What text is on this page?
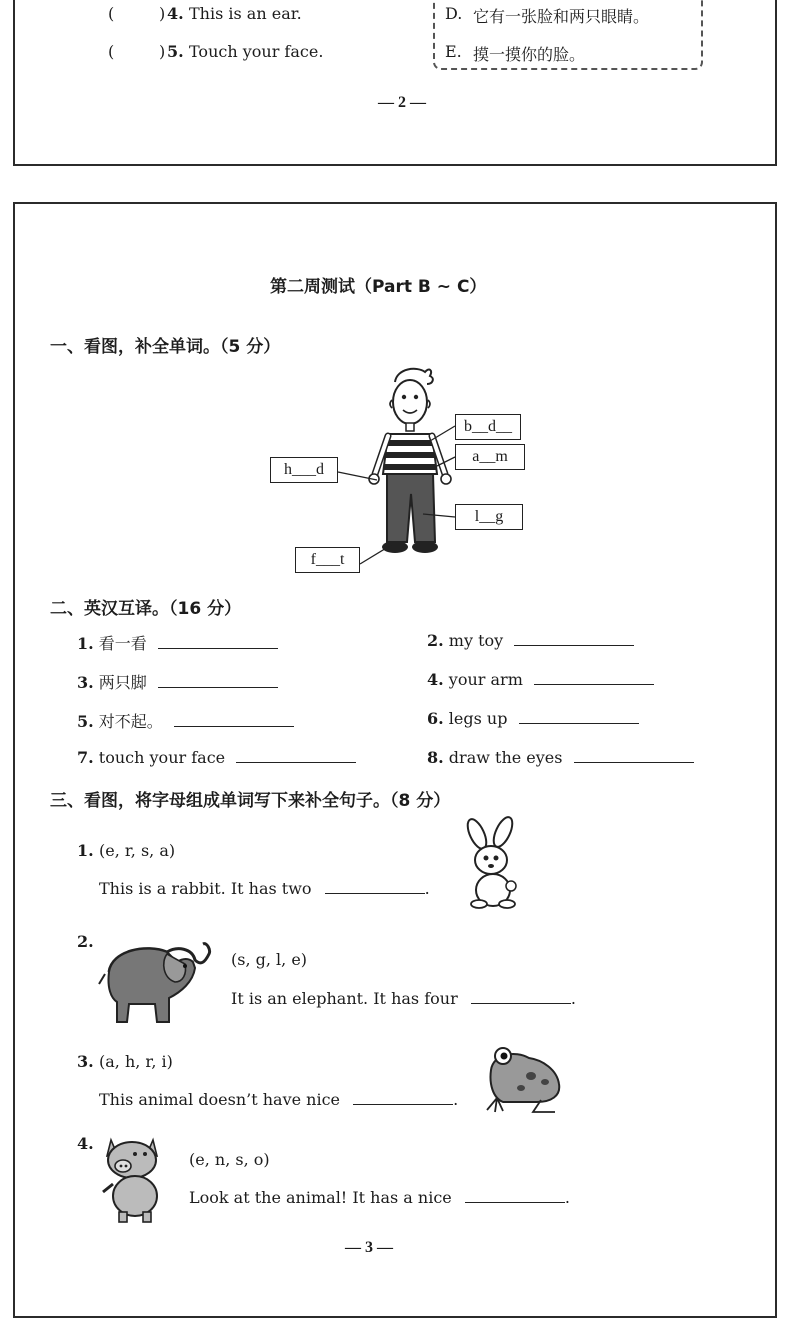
(	) 4. This is an ear.
(	) 5. Touch your face.
D. 它有一张脸和两只眼睛。
E. 摸一摸你的脸。
— 2 —
第二周测试（Part B ~ C）
一、看图，补全单词。（5 分）
b__d__
a__m
h___d
l__g
f___t
二、英汉互译。（16 分）
1. 看一看	2. my toy
3. 两只脚	4. your arm
5. 对不起。	6. legs up
7. touch your face	8. draw the eyes
三、看图，将字母组成单词写下来补全句子。（8 分）
1. (e, r, s, a)
This is a rabbit. It has two	.
2.
(s, g, l, e)
It is an elephant. It has four	.
3. (a, h, r, i)
This animal doesn’t have nice	.
4.
(e, n, s, o)
Look at the animal! It has a nice	.
— 3 —
